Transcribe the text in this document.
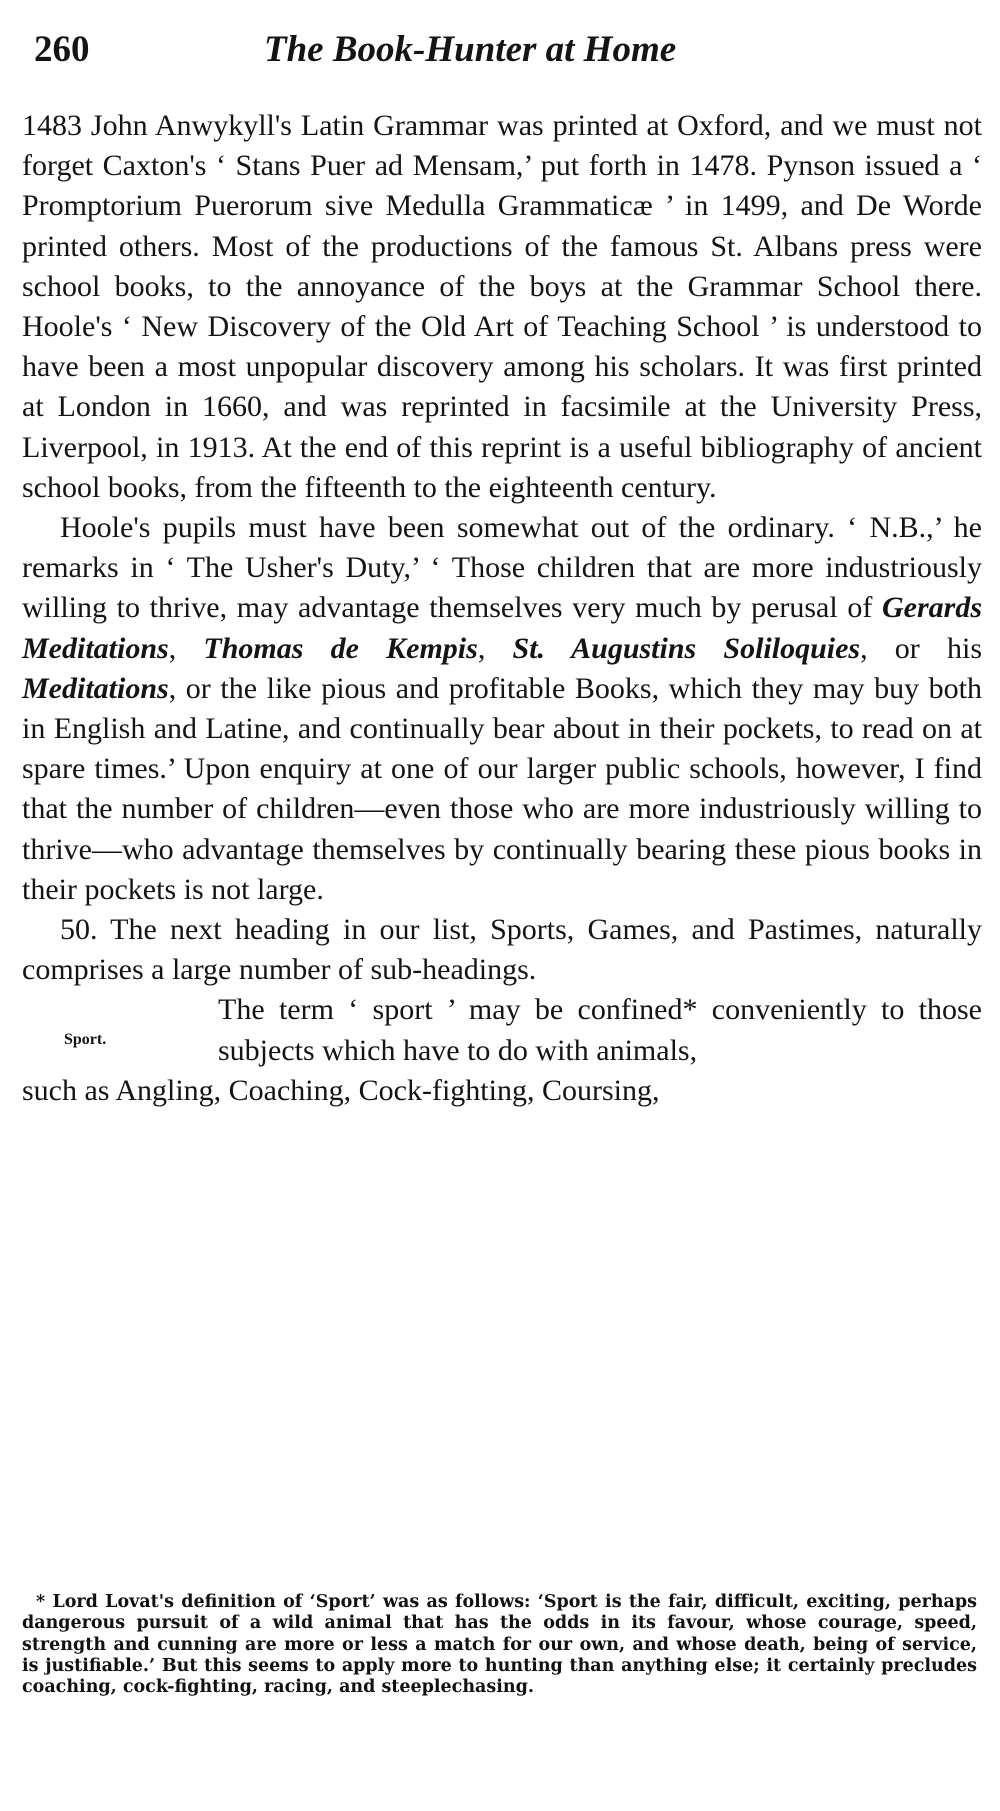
260	The Book-Hunter at Home

1483 John Anwykyll's Latin Grammar was printed at Oxford, and we must not forget Caxton's ‘ Stans Puer ad Mensam,’ put forth in 1478. Pynson issued a ‘ Promptorium Puerorum sive Medulla Grammaticæ ’ in 1499, and De Worde printed others. Most of the productions of the famous St. Albans press were school books, to the annoyance of the boys at the Grammar School there. Hoole's ‘ New Discovery of the Old Art of Teaching School ’ is understood to have been a most unpopular discovery among his scholars. It was first printed at London in 1660, and was reprinted in facsimile at the University Press, Liverpool, in 1913. At the end of this reprint is a useful bibliography of ancient school books, from the fifteenth to the eighteenth century.

Hoole's pupils must have been somewhat out of the ordinary. ‘ N.B.,’ he remarks in ‘ The Usher's Duty,’ ‘ Those children that are more industriously willing to thrive, may advantage themselves very much by perusal of Gerards Meditations, Thomas de Kempis, St. Augustins Soliloquies, or his Meditations, or the like pious and profitable Books, which they may buy both in English and Latine, and continually bear about in their pockets, to read on at spare times.’ Upon enquiry at one of our larger public schools, however, I find that the number of children—even those who are more industriously willing to thrive—who advantage themselves by continually bearing these pious books in their pockets is not large.

50. The next heading in our list, Sports, Games, and Pastimes, naturally comprises a large number of sub-headings.

Sport.

The term ‘ sport ’ may be confined* conveniently to those subjects which have to do with animals,

such as Angling, Coaching, Cock-fighting, Coursing,

* Lord Lovat's definition of ‘Sport’ was as follows: ‘Sport is the fair, difficult, exciting, perhaps dangerous pursuit of a wild animal that has the odds in its favour, whose courage, speed, strength and cunning are more or less a match for our own, and whose death, being of service, is justifiable.’ But this seems to apply more to hunting than anything else; it certainly precludes coaching, cock-fighting, racing, and steeplechasing.
